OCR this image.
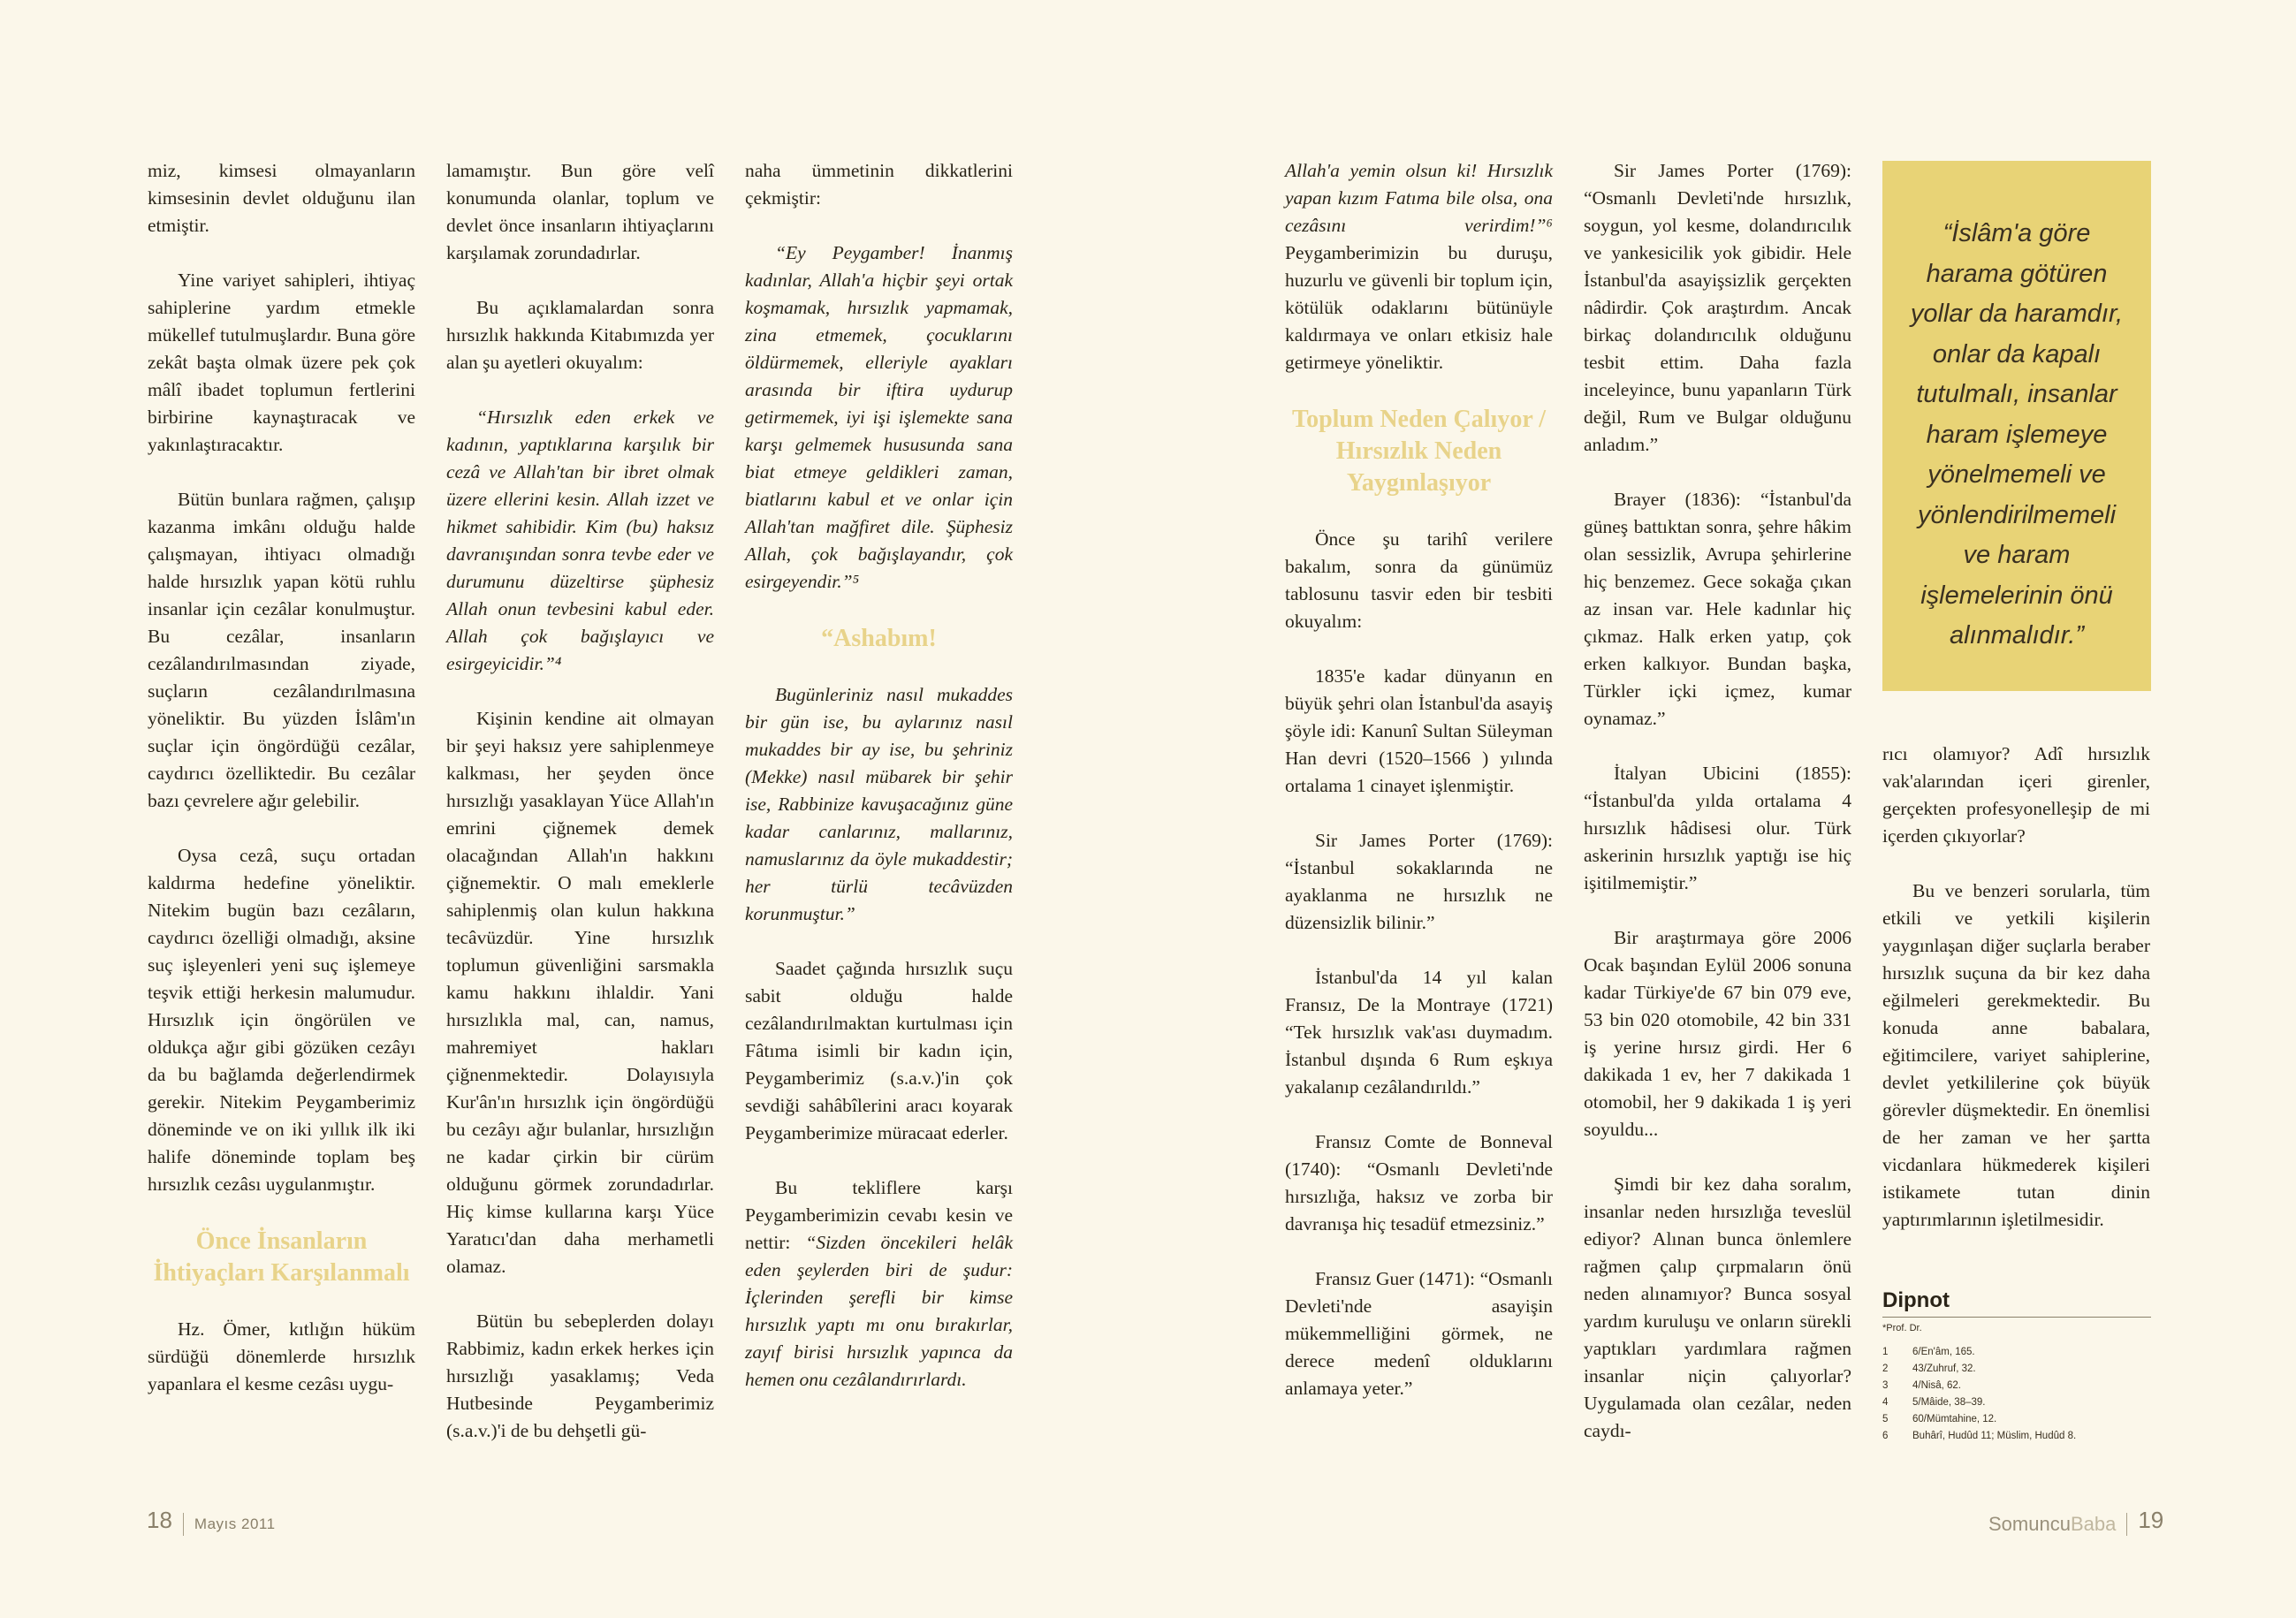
miz, kimsesi olmayanların kimsesinin devlet olduğunu ilan etmiştir.

Yine variyet sahipleri, ihtiyaç sahiplerine yardım etmekle mükellef tutulmuşlardır. Buna göre zekât başta olmak üzere pek çok mâlî ibadet toplumun fertlerini birbirine kaynaştıracak ve yakınlaştıracaktır.

Bütün bunlara rağmen, çalışıp kazanma imkânı olduğu halde çalışmayan, ihtiyacı olmadığı halde hırsızlık yapan kötü ruhlu insanlar için cezâlar konulmuştur. Bu cezâlar, insanların cezâlandırılmasından ziyade, suçların cezâlandırılmasına yöneliktir. Bu yüzden İslâm'ın suçlar için öngördüğü cezâlar, caydırıcı özelliktedir. Bu cezâlar bazı çevrelere ağır gelebilir.

Oysa cezâ, suçu ortadan kaldırma hedefine yöneliktir. Nitekim bugün bazı cezâların, caydırıcı özelliği olmadığı, aksine suç işleyenleri yeni suç işlemeye teşvik ettiği herkesin malumudur. Hırsızlık için öngörülen ve oldukça ağır gibi gözüken cezâyı da bu bağlamda değerlendirmek gerekir. Nitekim Peygamberimiz döneminde ve on iki yıllık ilk iki halife döneminde toplam beş hırsızlık cezâsı uygulanmıştır.

Önce İnsanların İhtiyaçları Karşılanmalı

Hz. Ömer, kıtlığın hüküm sürdüğü dönemlerde hırsızlık yapanlara el kesme cezâsı uygu-

lamamıştır. Bun göre velî konumunda olanlar, toplum ve devlet önce insanların ihtiyaçlarını karşılamak zorundadırlar.

Bu açıklamalardan sonra hırsızlık hakkında Kitabımızda yer alan şu ayetleri okuyalım:

“Hırsızlık eden erkek ve kadının, yaptıklarına karşılık bir cezâ ve Allah'tan bir ibret olmak üzere ellerini kesin. Allah izzet ve hikmet sahibidir. Kim (bu) haksız davranışından sonra tevbe eder ve durumunu düzeltirse şüphesiz Allah onun tevbesini kabul eder. Allah çok bağışlayıcı ve esirgeyicidir.”⁴

Kişinin kendine ait olmayan bir şeyi haksız yere sahiplenmeye kalkması, her şeyden önce hırsızlığı yasaklayan Yüce Allah'ın emrini çiğnemek demek olacağından Allah'ın hakkını çiğnemektir. O malı emeklerle sahiplenmiş olan kulun hakkına tecâvüzdür. Yine hırsızlık toplumun güvenliğini sarsmakla kamu hakkını ihlaldir. Yani hırsızlıkla mal, can, namus, mahremiyet hakları çiğnenmektedir. Dolayısıyla Kur'ân'ın hırsızlık için öngördüğü bu cezâyı ağır bulanlar, hırsızlığın ne kadar çirkin bir cürüm olduğunu görmek zorundadırlar. Hiç kimse kullarına karşı Yüce Yaratıcı'dan daha merhametli olamaz.

Bütün bu sebeplerden dolayı Rabbimiz, kadın erkek herkes için hırsızlığı yasaklamış; Veda Hutbesinde Peygamberimiz (s.a.v.)'i de bu dehşetli gü-

naha ümmetinin dikkatlerini çekmiştir:

“Ey Peygamber! İnanmış kadınlar, Allah'a hiçbir şeyi ortak koşmamak, hırsızlık yapmamak, zina etmemek, çocuklarını öldürmemek, elleriyle ayakları arasında bir iftira uydurup getirmemek, iyi işi işlemekte sana karşı gelmemek hususunda sana biat etmeye geldikleri zaman, biatlarını kabul et ve onlar için Allah'tan mağfiret dile. Şüphesiz Allah, çok bağışlayandır, çok esirgeyendir.”⁵

“Ashabım!

Bugünleriniz nasıl mukaddes bir gün ise, bu aylarınız nasıl mukaddes bir ay ise, bu şehriniz (Mekke) nasıl mübarek bir şehir ise, Rabbinize kavuşacağınız güne kadar canlarınız, mallarınız, namuslarınız da öyle mukaddestir; her türlü tecâvüzden korunmuştur.”

Saadet çağında hırsızlık suçu sabit olduğu halde cezâlandırılmaktan kurtulması için Fâtıma isimli bir kadın için, Peygamberimiz (s.a.v.)'in çok sevdiği sahâbîlerini aracı koyarak Peygamberimize müracaat ederler.

Bu tekliflere karşı Peygamberimizin cevabı kesin ve nettir: “Sizden öncekileri helâk eden şeylerden biri de şudur: İçlerinden şerefli bir kimse hırsızlık yaptı mı onu bırakırlar, zayıf birisi hırsızlık yapınca da hemen onu cezâlandırırlardı.

Allah'a yemin olsun ki! Hırsızlık yapan kızım Fatıma bile olsa, ona cezâsını verirdim!”⁶ Peygamberimizin bu duruşu, huzurlu ve güvenli bir toplum için, kötülük odaklarını bütünüyle kaldırmaya ve onları etkisiz hale getirmeye yöneliktir.

Toplum Neden Çalıyor / Hırsızlık Neden Yaygınlaşıyor

Önce şu tarihî verilere bakalım, sonra da günümüz tablosunu tasvir eden bir tesbiti okuyalım:

1835'e kadar dünyanın en büyük şehri olan İstanbul'da asayiş şöyle idi: Kanunî Sultan Süleyman Han devri (1520–1566 ) yılında ortalama 1 cinayet işlenmiştir.

Sir James Porter (1769): “İstanbul sokaklarında ne ayaklanma ne hırsızlık ne düzensizlik bilinir.”

İstanbul'da 14 yıl kalan Fransız, De la Montraye (1721) “Tek hırsızlık vak'ası duymadım. İstanbul dışında 6 Rum eşkıya yakalanıp cezâlandırıldı.”

Fransız Comte de Bonneval (1740): “Osmanlı Devleti'nde hırsızlığa, haksız ve zorba bir davranışa hiç tesadüf etmezsiniz.”

Fransız Guer (1471): “Osmanlı Devleti'nde asayişin mükemmelliğini görmek, ne derece medenî olduklarını anlamaya yeter.”

Sir James Porter (1769): “Osmanlı Devleti'nde hırsızlık, soygun, yol kesme, dolandırıcılık ve yankesicilik yok gibidir. Hele İstanbul'da asayişsizlik gerçekten nâdirdir. Çok araştırdım. Ancak birkaç dolandırıcılık olduğunu tesbit ettim. Daha fazla inceleyince, bunu yapanların Türk değil, Rum ve Bulgar olduğunu anladım.”

Brayer (1836): “İstanbul'da güneş battıktan sonra, şehre hâkim olan sessizlik, Avrupa şehirlerine hiç benzemez. Gece sokağa çıkan az insan var. Hele kadınlar hiç çıkmaz. Halk erken yatıp, çok erken kalkıyor. Bundan başka, Türkler içki içmez, kumar oynamaz.”

İtalyan Ubicini (1855): “İstanbul'da yılda ortalama 4 hırsızlık hâdisesi olur. Türk askerinin hırsızlık yaptığı ise hiç işitilmemiştir.”

Bir araştırmaya göre 2006 Ocak başından Eylül 2006 sonuna kadar Türkiye'de 67 bin 079 eve, 53 bin 020 otomobile, 42 bin 331 iş yerine hırsız girdi. Her 6 dakikada 1 ev, her 7 dakikada 1 otomobil, her 9 dakikada 1 iş yeri soyuldu...

Şimdi bir kez daha soralım, insanlar neden hırsızlığa teveslül ediyor? Alınan bunca önlemlere rağmen çalıp çırpmaların önü neden alınamıyor? Bunca sosyal yardım kuruluşu ve onların sürekli yaptıkları yardımlara rağmen insanlar niçin çalıyorlar? Uygulamada olan cezâlar, neden caydı-

“İslâm'a göre harama götüren yollar da haramdır, onlar da kapalı tutulmalı, insanlar haram işlemeye yönelmemeli ve yönlendirilmemeli ve haram işlemelerinin önü alınmalıdır.”

rıcı olamıyor? Adî hırsızlık vak'alarından içeri girenler, gerçekten profesyonelleşip de mi içerden çıkıyorlar?

Bu ve benzeri sorularla, tüm etkili ve yetkili kişilerin yaygınlaşan diğer suçlarla beraber hırsızlık suçuna da bir kez daha eğilmeleri gerekmektedir. Bu konuda anne babalara, eğitimcilere, variyet sahiplerine, devlet yetkililerine çok büyük görevler düşmektedir. En önemlisi de her zaman ve her şartta vicdanlara hükmederek kişileri istikamete tutan dinin yaptırımlarının işletilmesidir.

Dipnot
*Prof. Dr.
1	6/En'âm, 165.
2	43/Zuhruf, 32.
3	4/Nisâ, 62.
4	5/Mâide, 38–39.
5	60/Mümtahine, 12.
6	Buhârî, Hudûd 11; Müslim, Hudûd 8.
18 Mayıs 2011	SomuncuBaba 19
